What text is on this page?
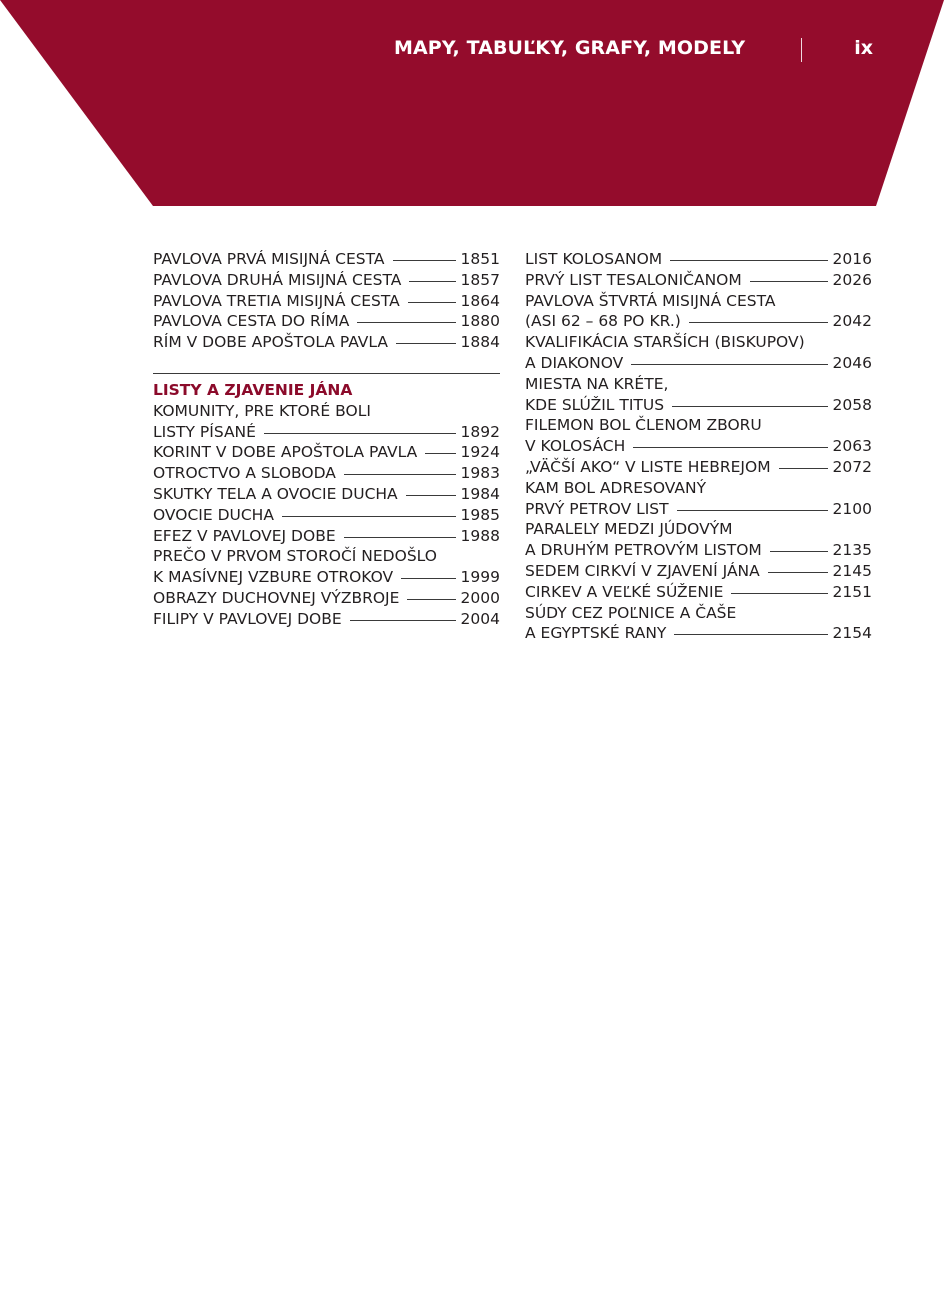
MAPY, TABUĽKY, GRAFY, MODELY	ix
PAVLOVA PRVÁ MISIJNÁ CESTA	1851
PAVLOVA DRUHÁ MISIJNÁ CESTA	1857
PAVLOVA TRETIA MISIJNÁ CESTA	1864
PAVLOVA CESTA DO RÍMA	1880
RÍM V DOBE APOŠTOLA PAVLA	1884
LISTY A ZJAVENIE JÁNA
KOMUNITY, PRE KTORÉ BOLI
LISTY PÍSANÉ	1892
KORINT V DOBE APOŠTOLA PAVLA	1924
OTROCTVO A SLOBODA	1983
SKUTKY TELA A OVOCIE DUCHA	1984
OVOCIE DUCHA	1985
EFEZ V PAVLOVEJ DOBE	1988
PREČO V PRVOM STOROČÍ NEDOŠLO
K MASÍVNEJ VZBURE OTROKOV	1999
OBRAZY DUCHOVNEJ VÝZBROJE	2000
FILIPY V PAVLOVEJ DOBE	2004
LIST KOLOSANOM	2016
PRVÝ LIST TESALONIČANOM	2026
PAVLOVA ŠTVRTÁ MISIJNÁ CESTA
(ASI 62 – 68 PO KR.)	2042
KVALIFIKÁCIA STARŠÍCH (BISKUPOV)
A DIAKONOV	2046
MIESTA NA KRÉTE,
KDE SLÚŽIL TITUS	2058
FILEMON BOL ČLENOM ZBORU
V KOLOSÁCH	2063
„VÄČŠÍ AKO“ V LISTE HEBREJOM	2072
KAM BOL ADRESOVANÝ
PRVÝ PETROV LIST	2100
PARALELY MEDZI JÚDOVÝM
A DRUHÝM PETROVÝM LISTOM	2135
SEDEM CIRKVÍ V ZJAVENÍ JÁNA	2145
CIRKEV A VEĽKÉ SÚŽENIE	2151
SÚDY CEZ POĽNICE A ČAŠE
A EGYPTSKÉ RANY	2154
